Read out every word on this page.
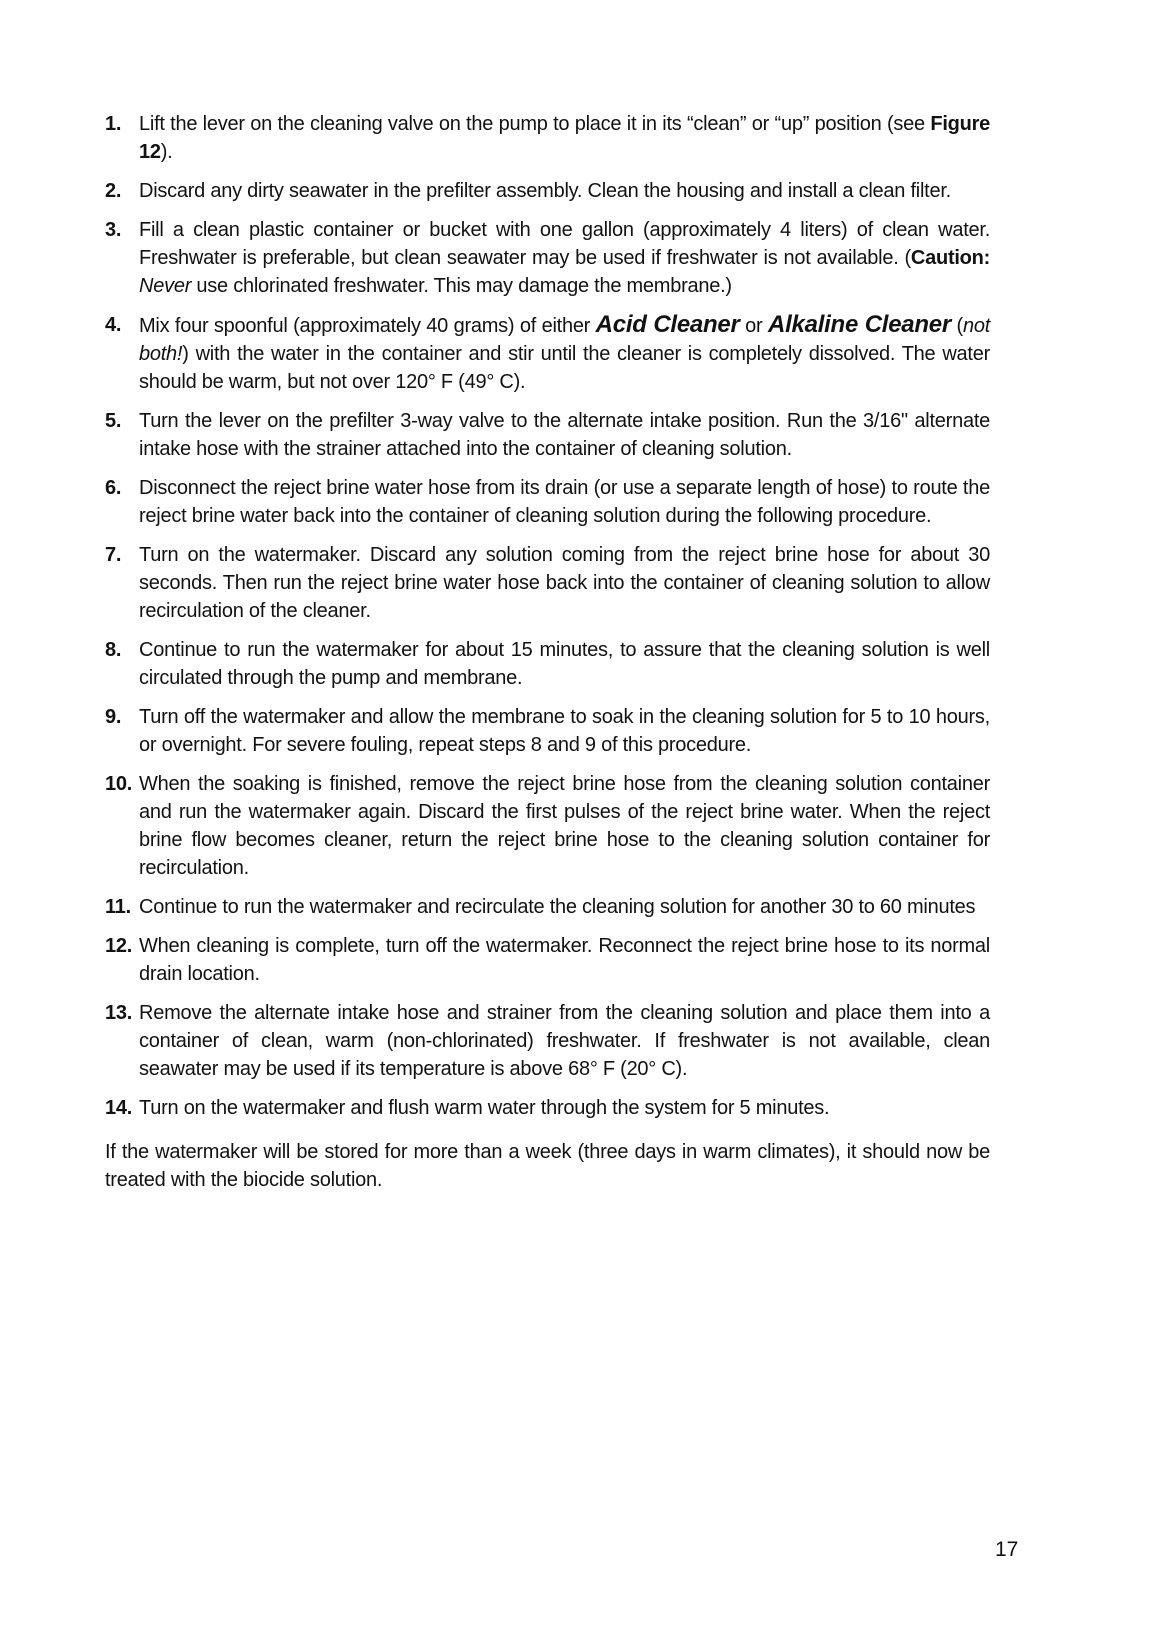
1. Lift the lever on the cleaning valve on the pump to place it in its “clean” or “up” position (see Figure 12).
2. Discard any dirty seawater in the prefilter assembly. Clean the housing and install a clean filter.
3. Fill a clean plastic container or bucket with one gallon (approximately 4 liters) of clean water. Freshwater is preferable, but clean seawater may be used if freshwater is not available. (Caution: Never use chlorinated freshwater. This may damage the membrane.)
4. Mix four spoonful (approximately 40 grams) of either Acid Cleaner or Alkaline Cleaner (not both!) with the water in the container and stir until the cleaner is completely dissolved. The water should be warm, but not over 120° F (49° C).
5. Turn the lever on the prefilter 3-way valve to the alternate intake position. Run the 3/16" alternate intake hose with the strainer attached into the container of cleaning solution.
6. Disconnect the reject brine water hose from its drain (or use a separate length of hose) to route the reject brine water back into the container of cleaning solution during the following procedure.
7. Turn on the watermaker. Discard any solution coming from the reject brine hose for about 30 seconds. Then run the reject brine water hose back into the container of cleaning solution to allow recirculation of the cleaner.
8. Continue to run the watermaker for about 15 minutes, to assure that the cleaning solution is well circulated through the pump and membrane.
9. Turn off the watermaker and allow the membrane to soak in the cleaning solution for 5 to 10 hours, or overnight. For severe fouling, repeat steps 8 and 9 of this procedure.
10. When the soaking is finished, remove the reject brine hose from the cleaning solution container and run the watermaker again. Discard the first pulses of the reject brine water. When the reject brine flow becomes cleaner, return the reject brine hose to the cleaning solution container for recirculation.
11. Continue to run the watermaker and recirculate the cleaning solution for another 30 to 60 minutes
12. When cleaning is complete, turn off the watermaker. Reconnect the reject brine hose to its normal drain location.
13. Remove the alternate intake hose and strainer from the cleaning solution and place them into a container of clean, warm (non-chlorinated) freshwater. If freshwater is not available, clean seawater may be used if its temperature is above 68° F (20° C).
14. Turn on the watermaker and flush warm water through the system for 5 minutes.

If the watermaker will be stored for more than a week (three days in warm climates), it should now be treated with the biocide solution.

17
